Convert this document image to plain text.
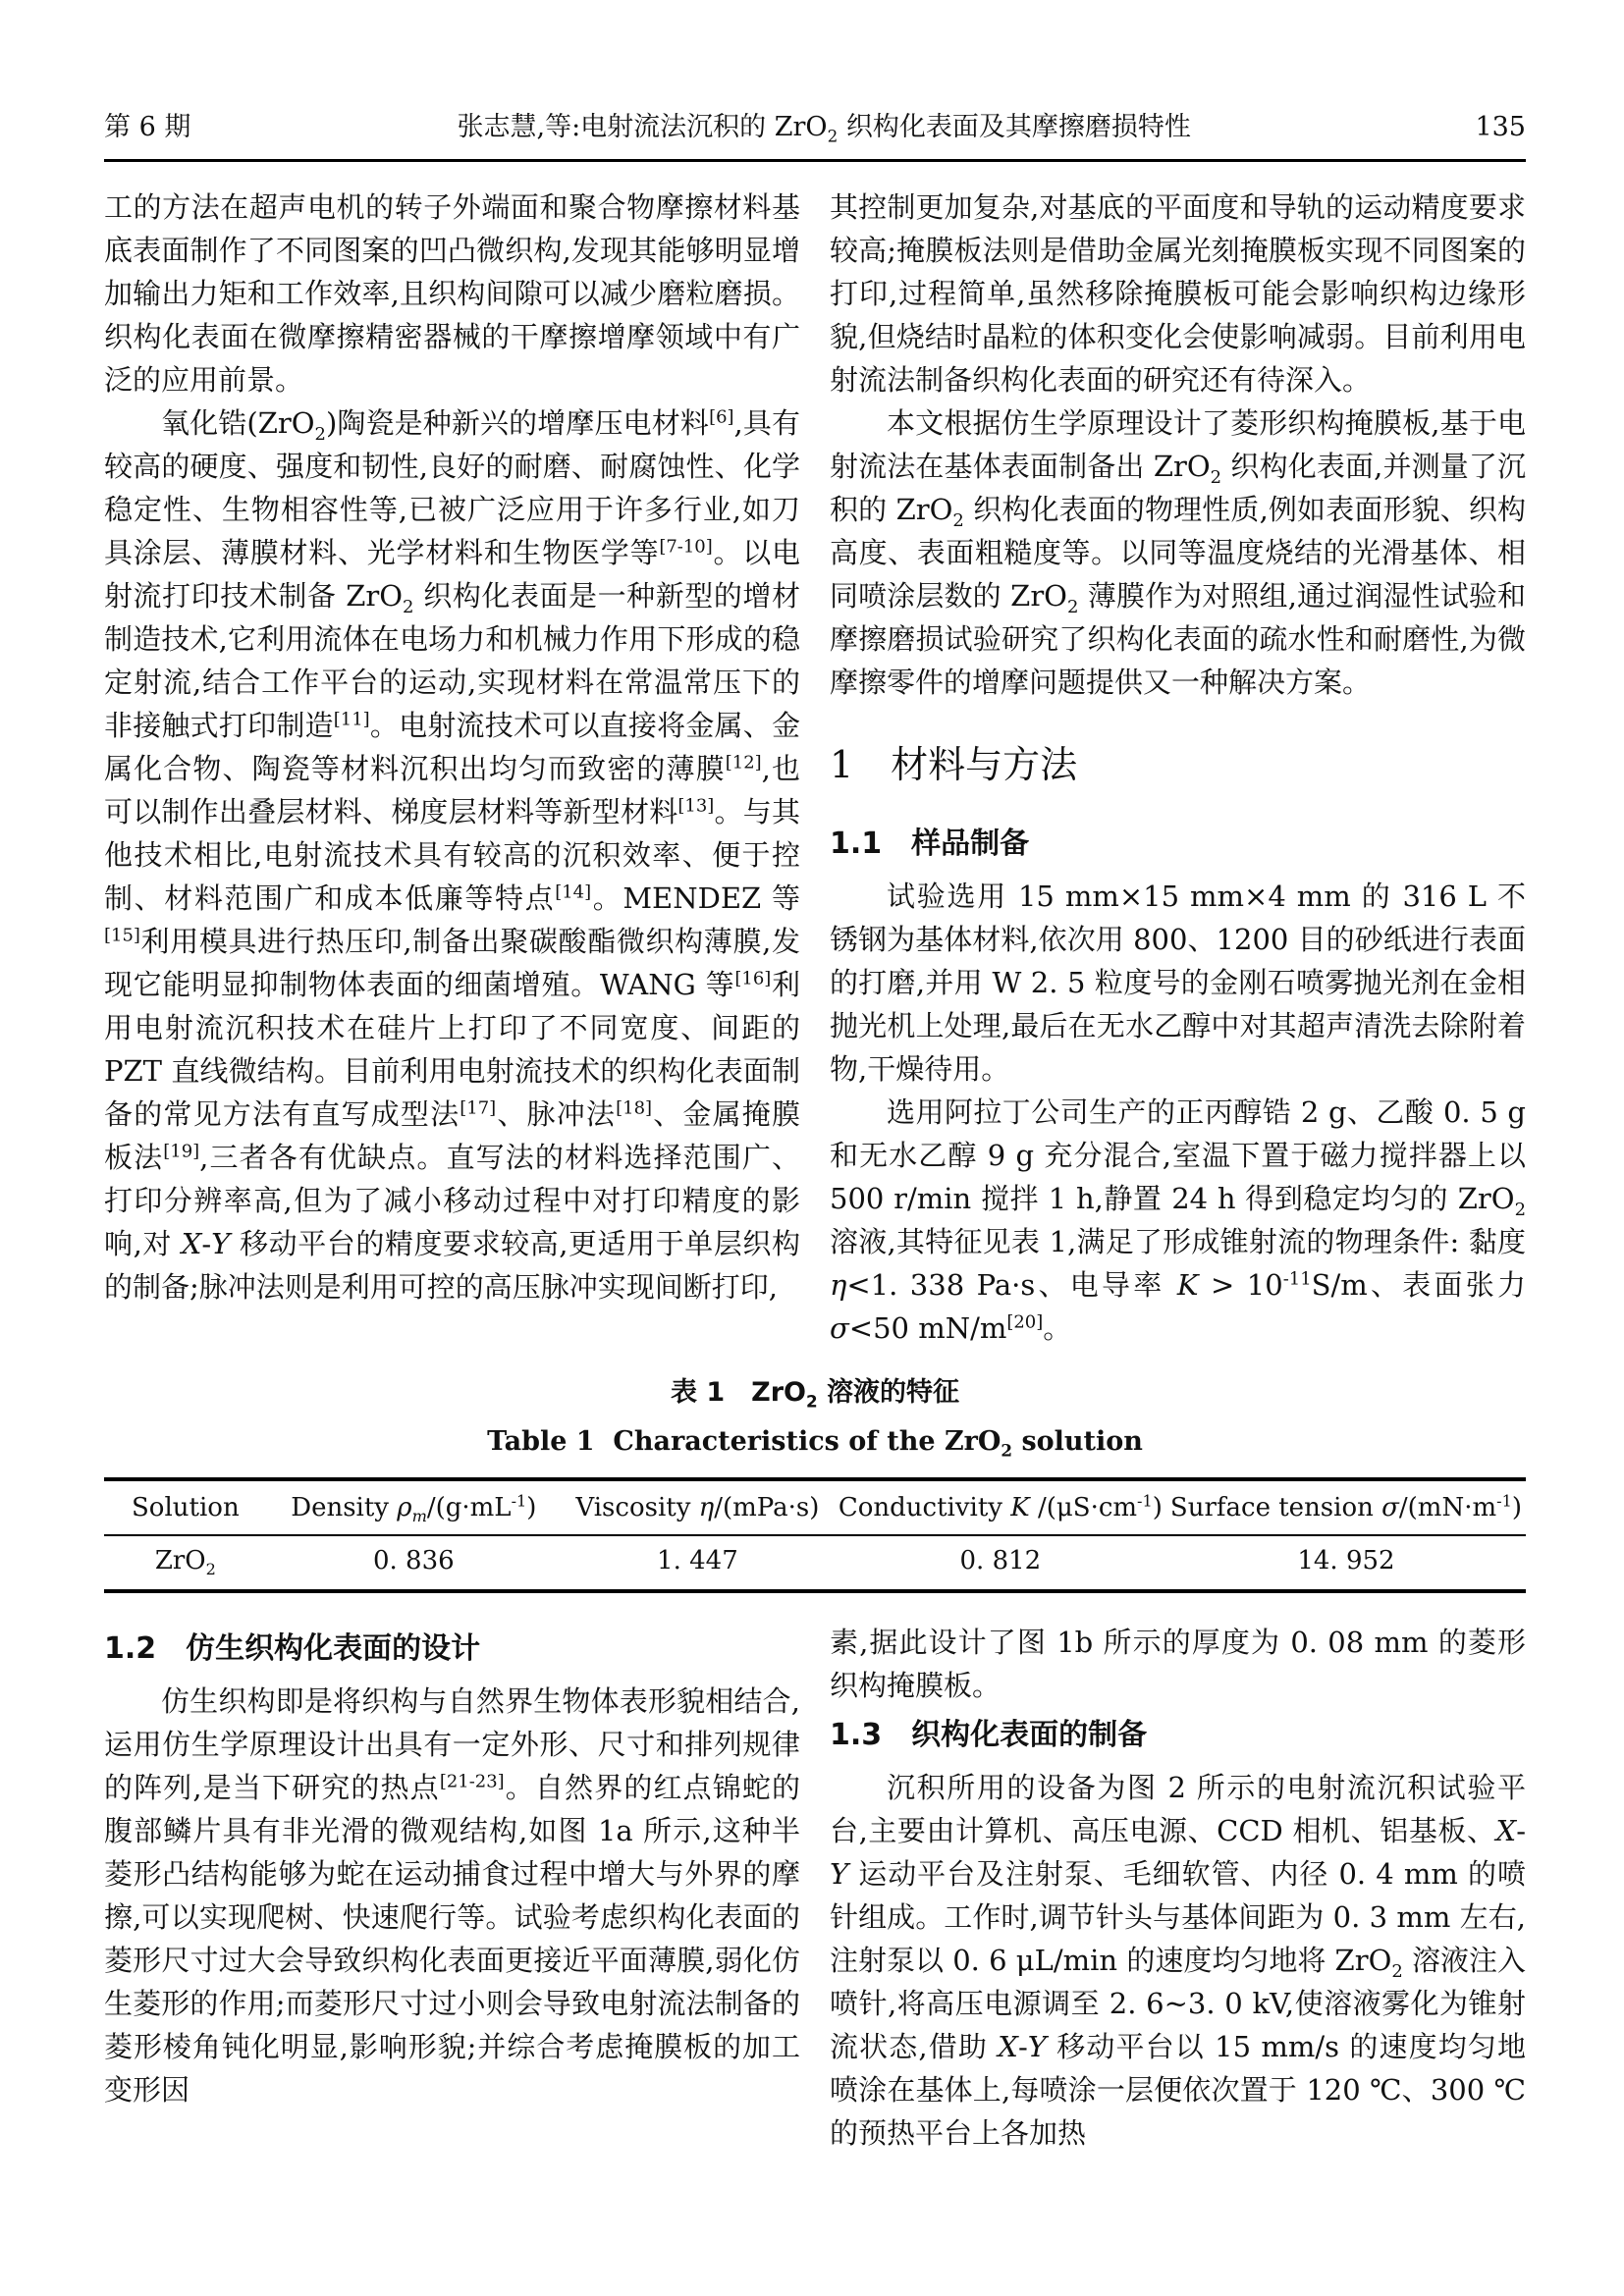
第 6 期	张志慧,等:电射流法沉积的 ZrO$_2$ 织构化表面及其摩擦磨损特性	135

工的方法在超声电机的转子外端面和聚合物摩擦材料基底表面制作了不同图案的凹凸微织构,发现其能够明显增加输出力矩和工作效率,且织构间隙可以减少磨粒磨损。织构化表面在微摩擦精密器械的干摩擦增摩领域中有广泛的应用前景。

氧化锆(ZrO$_2$)陶瓷是种新兴的增摩压电材料[6],具有较高的硬度、强度和韧性,良好的耐磨、耐腐蚀性、化学稳定性、生物相容性等,已被广泛应用于许多行业,如刀具涂层、薄膜材料、光学材料和生物医学等[7-10]。以电射流打印技术制备 ZrO$_2$ 织构化表面是一种新型的增材制造技术,它利用流体在电场力和机械力作用下形成的稳定射流,结合工作平台的运动,实现材料在常温常压下的非接触式打印制造[11]。电射流技术可以直接将金属、金属化合物、陶瓷等材料沉积出均匀而致密的薄膜[12],也可以制作出叠层材料、梯度层材料等新型材料[13]。与其他技术相比,电射流技术具有较高的沉积效率、便于控制、材料范围广和成本低廉等特点[14]。MENDEZ 等[15]利用模具进行热压印,制备出聚碳酸酯微织构薄膜,发现它能明显抑制物体表面的细菌增殖。WANG 等[16]利用电射流沉积技术在硅片上打印了不同宽度、间距的 PZT 直线微结构。目前利用电射流技术的织构化表面制备的常见方法有直写成型法[17]、脉冲法[18]、金属掩膜板法[19],三者各有优缺点。直写法的材料选择范围广、打印分辨率高,但为了减小移动过程中对打印精度的影响,对 X-Y 移动平台的精度要求较高,更适用于单层织构的制备;脉冲法则是利用可控的高压脉冲实现间断打印,

其控制更加复杂,对基底的平面度和导轨的运动精度要求较高;掩膜板法则是借助金属光刻掩膜板实现不同图案的打印,过程简单,虽然移除掩膜板可能会影响织构边缘形貌,但烧结时晶粒的体积变化会使影响减弱。目前利用电射流法制备织构化表面的研究还有待深入。

本文根据仿生学原理设计了菱形织构掩膜板,基于电射流法在基体表面制备出 ZrO$_2$ 织构化表面,并测量了沉积的 ZrO$_2$ 织构化表面的物理性质,例如表面形貌、织构高度、表面粗糙度等。以同等温度烧结的光滑基体、相同喷涂层数的 ZrO$_2$ 薄膜作为对照组,通过润湿性试验和摩擦磨损试验研究了织构化表面的疏水性和耐磨性,为微摩擦零件的增摩问题提供又一种解决方案。

1　材料与方法
1.1　样品制备

试验选用 15 mm×15 mm×4 mm 的 316 L 不锈钢为基体材料,依次用 800、1200 目的砂纸进行表面的打磨,并用 W 2. 5 粒度号的金刚石喷雾抛光剂在金相抛光机上处理,最后在无水乙醇中对其超声清洗去除附着物,干燥待用。

选用阿拉丁公司生产的正丙醇锆 2 g、乙酸 0. 5 g 和无水乙醇 9 g 充分混合,室温下置于磁力搅拌器上以 500 r/min 搅拌 1 h,静置 24 h 得到稳定均匀的 ZrO$_2$ 溶液,其特征见表 1,满足了形成锥射流的物理条件: 黏度 η<1. 338 Pa·s、电导率 $K > 10^{-11}S/m$、表面张力 σ<50 mN/m[20]。

表 1　ZrO$_2$ 溶液的特征
Table 1  Characteristics of the ZrO$_2$ solution
Solution	Density $\rho_m/(g\cdot mL^{-1})$	Viscosity η/(mPa·s)	Conductivity K $/(\mu S\cdot cm^{-1})$	Surface tension $\sigma/(mN\cdot m^{-1})$
ZrO$_2$	0. 836	1. 447	0. 812	14. 952
1.2　仿生织构化表面的设计

仿生织构即是将织构与自然界生物体表形貌相结合,运用仿生学原理设计出具有一定外形、尺寸和排列规律的阵列,是当下研究的热点[21-23]。自然界的红点锦蛇的腹部鳞片具有非光滑的微观结构,如图 1a 所示,这种半菱形凸结构能够为蛇在运动捕食过程中增大与外界的摩擦,可以实现爬树、快速爬行等。试验考虑织构化表面的菱形尺寸过大会导致织构化表面更接近平面薄膜,弱化仿生菱形的作用;而菱形尺寸过小则会导致电射流法制备的菱形棱角钝化明显,影响形貌;并综合考虑掩膜板的加工变形因

素,据此设计了图 1b 所示的厚度为 0. 08 mm 的菱形织构掩膜板。

1.3　织构化表面的制备

沉积所用的设备为图 2 所示的电射流沉积试验平台,主要由计算机、高压电源、CCD 相机、铝基板、X-Y 运动平台及注射泵、毛细软管、内径 0. 4 mm 的喷针组成。工作时,调节针头与基体间距为 0. 3 mm 左右,注射泵以 0. 6 μL/min 的速度均匀地将 ZrO$_2$ 溶液注入喷针,将高压电源调至 2. 6~3. 0 kV,使溶液雾化为锥射流状态,借助 X-Y 移动平台以 15 mm/s 的速度均匀地喷涂在基体上,每喷涂一层便依次置于 120 ℃、300 ℃的预热平台上各加热
